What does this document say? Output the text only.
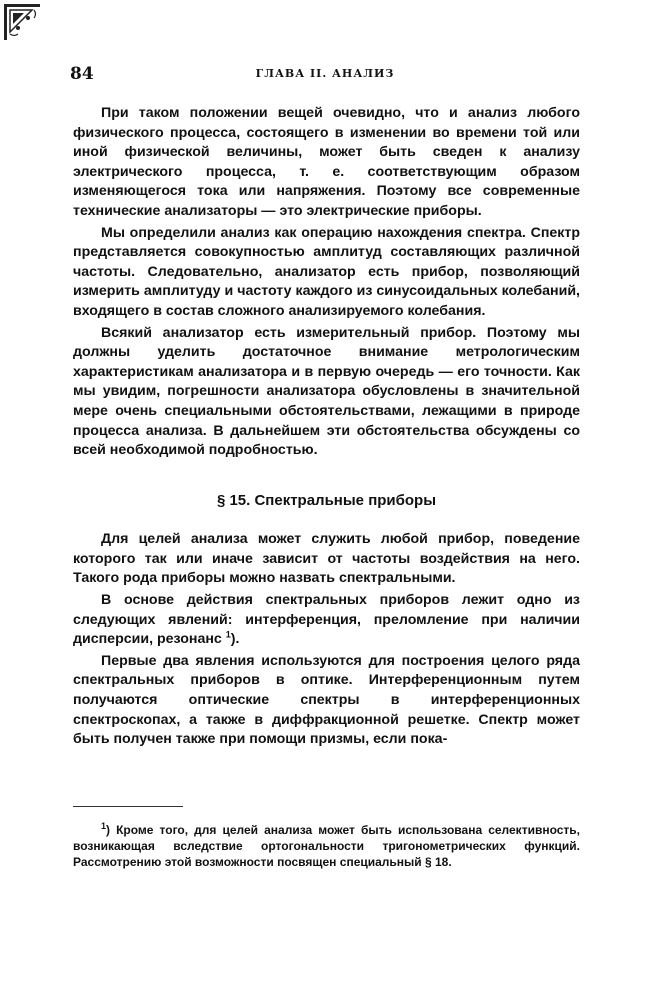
84	ГЛАВА II. АНАЛИЗ

При таком положении вещей очевидно, что и анализ любого физического процесса, состоящего в изменении во времени той или иной физической величины, может быть сведен к анализу электрического процесса, т. е. соответствующим образом изменяющегося тока или напряжения. Поэтому все современные технические анализаторы — это электрические приборы.

Мы определили анализ как операцию нахождения спектра. Спектр представляется совокупностью амплитуд составляющих различной частоты. Следовательно, анализатор есть прибор, позволяющий измерить амплитуду и частоту каждого из синусоидальных колебаний, входящего в состав сложного анализируемого колебания.

Всякий анализатор есть измерительный прибор. Поэтому мы должны уделить достаточное внимание метрологическим характеристикам анализатора и в первую очередь — его точности. Как мы увидим, погрешности анализатора обусловлены в значительной мере очень специальными обстоятельствами, лежащими в природе процесса анализа. В дальнейшем эти обстоятельства обсуждены со всей необходимой подробностью.

§ 15. Спектральные приборы

Для целей анализа может служить любой прибор, поведение которого так или иначе зависит от частоты воздействия на него. Такого рода приборы можно назвать спектральными.

В основе действия спектральных приборов лежит одно из следующих явлений: интерференция, преломление при наличии дисперсии, резонанс $^1$).

Первые два явления используются для построения целого ряда спектральных приборов в оптике. Интерференционным путем получаются оптические спектры в интерференционных спектроскопах, а также в диффракционной решетке. Спектр может быть получен также при помощи призмы, если пока-

$^1$) Кроме того, для целей анализа может быть использована селективность, возникающая вследствие ортогональности тригонометрических функций. Рассмотрению этой возможности посвящен специальный § 18.
